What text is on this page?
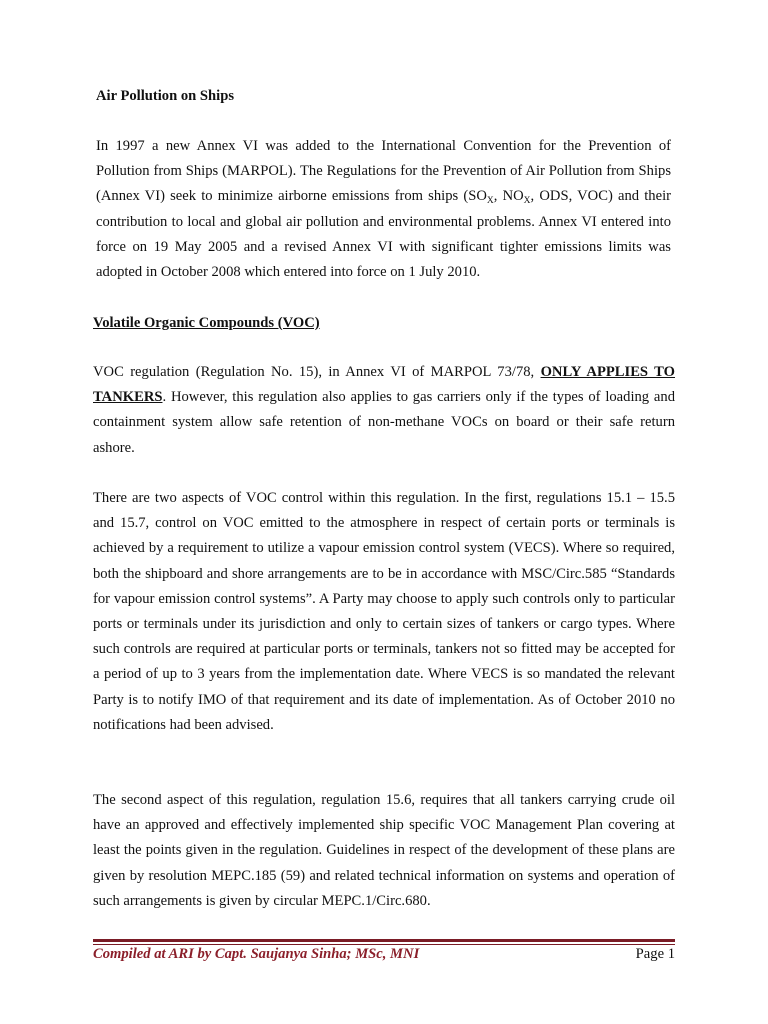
Air Pollution on Ships

In 1997 a new Annex VI was added to the International Convention for the Prevention of Pollution from Ships (MARPOL). The Regulations for the Prevention of Air Pollution from Ships (Annex VI) seek to minimize airborne emissions from ships ($SO_X$, $NO_X$, ODS, VOC) and their contribution to local and global air pollution and environmental problems. Annex VI entered into force on 19 May 2005 and a revised Annex VI with significant tighter emissions limits was adopted in October 2008 which entered into force on 1 July 2010.

Volatile Organic Compounds (VOC)

VOC regulation (Regulation No. 15), in Annex VI of MARPOL 73/78, ONLY APPLIES TO TANKERS. However, this regulation also applies to gas carriers only if the types of loading and containment system allow safe retention of non-methane VOCs on board or their safe return ashore.

There are two aspects of VOC control within this regulation. In the first, regulations 15.1 – 15.5 and 15.7, control on VOC emitted to the atmosphere in respect of certain ports or terminals is achieved by a requirement to utilize a vapour emission control system (VECS). Where so required, both the shipboard and shore arrangements are to be in accordance with MSC/Circ.585 “Standards for vapour emission control systems”. A Party may choose to apply such controls only to particular ports or terminals under its jurisdiction and only to certain sizes of tankers or cargo types. Where such controls are required at particular ports or terminals, tankers not so fitted may be accepted for a period of up to 3 years from the implementation date. Where VECS is so mandated the relevant Party is to notify IMO of that requirement and its date of implementation. As of October 2010 no notifications had been advised.

The second aspect of this regulation, regulation 15.6, requires that all tankers carrying crude oil have an approved and effectively implemented ship specific VOC Management Plan covering at least the points given in the regulation. Guidelines in respect of the development of these plans are given by resolution MEPC.185 (59) and related technical information on systems and operation of such arrangements is given by circular MEPC.1/Circ.680.

Compiled at ARI by Capt. Saujanya Sinha; MSc, MNI	Page 1
